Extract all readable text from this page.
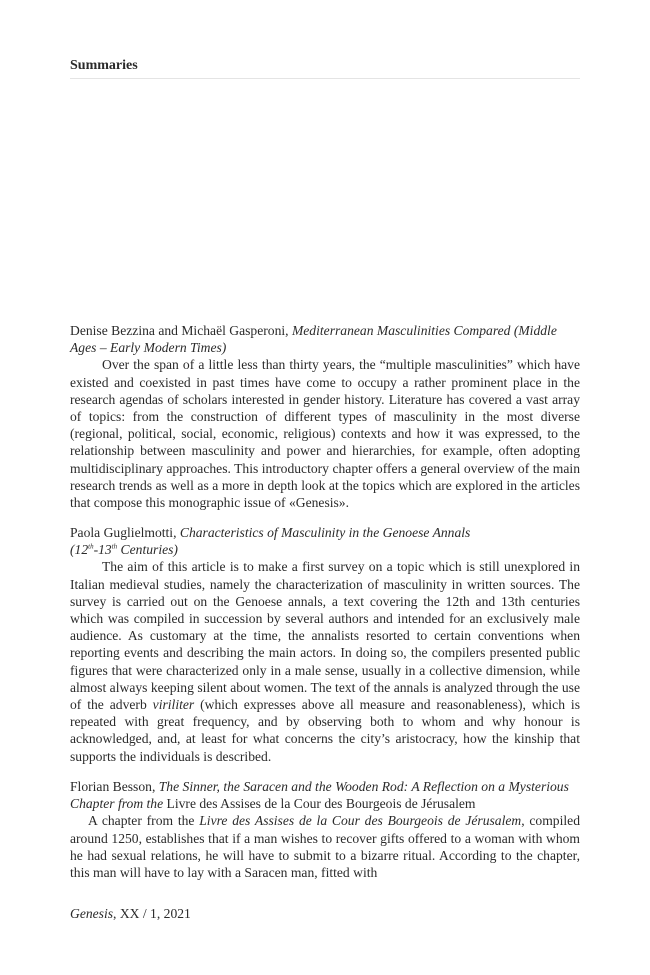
Summaries

Denise Bezzina and Michaël Gasperoni, Mediterranean Masculinities Compared (Middle Ages – Early Modern Times)

Over the span of a little less than thirty years, the “multiple masculinities” which have existed and coexisted in past times have come to occupy a rather prominent place in the research agendas of scholars interested in gender history. Literature has covered a vast array of topics: from the construction of different types of masculinity in the most diverse (regional, political, social, economic, religious) contexts and how it was expressed, to the relationship between masculinity and power and hierarchies, for example, often adopting multidisciplinary approaches. This introductory chapter offers a general overview of the main research trends as well as a more in depth look at the topics which are explored in the articles that compose this monographic issue of «Genesis».

Paola Guglielmotti, Characteristics of Masculinity in the Genoese Annals
(12th-13th Centuries)

The aim of this article is to make a first survey on a topic which is still unexplored in Italian medieval studies, namely the characterization of masculinity in written sources. The survey is carried out on the Genoese annals, a text covering the 12th and 13th centuries which was compiled in succession by several authors and intended for an exclusively male audience. As customary at the time, the annalists resorted to certain conventions when reporting events and describing the main actors. In doing so, the compilers presented public figures that were characterized only in a male sense, usually in a collective dimension, while almost always keeping silent about women. The text of the annals is analyzed through the use of the adverb viriliter (which expresses above all measure and reasonableness), which is repeated with great frequency, and by observing both to whom and why honour is acknowledged, and, at least for what concerns the city’s aristocracy, how the kinship that supports the individuals is described.

Florian Besson, The Sinner, the Saracen and the Wooden Rod: A Reflection on a Mysterious Chapter from the Livre des Assises de la Cour des Bourgeois de Jérusalem

A chapter from the Livre des Assises de la Cour des Bourgeois de Jérusalem, compiled around 1250, establishes that if a man wishes to recover gifts offered to a woman with whom he had sexual relations, he will have to submit to a bizarre ritual. According to the chapter, this man will have to lay with a Saracen man, fitted with

Genesis, XX / 1, 2021
